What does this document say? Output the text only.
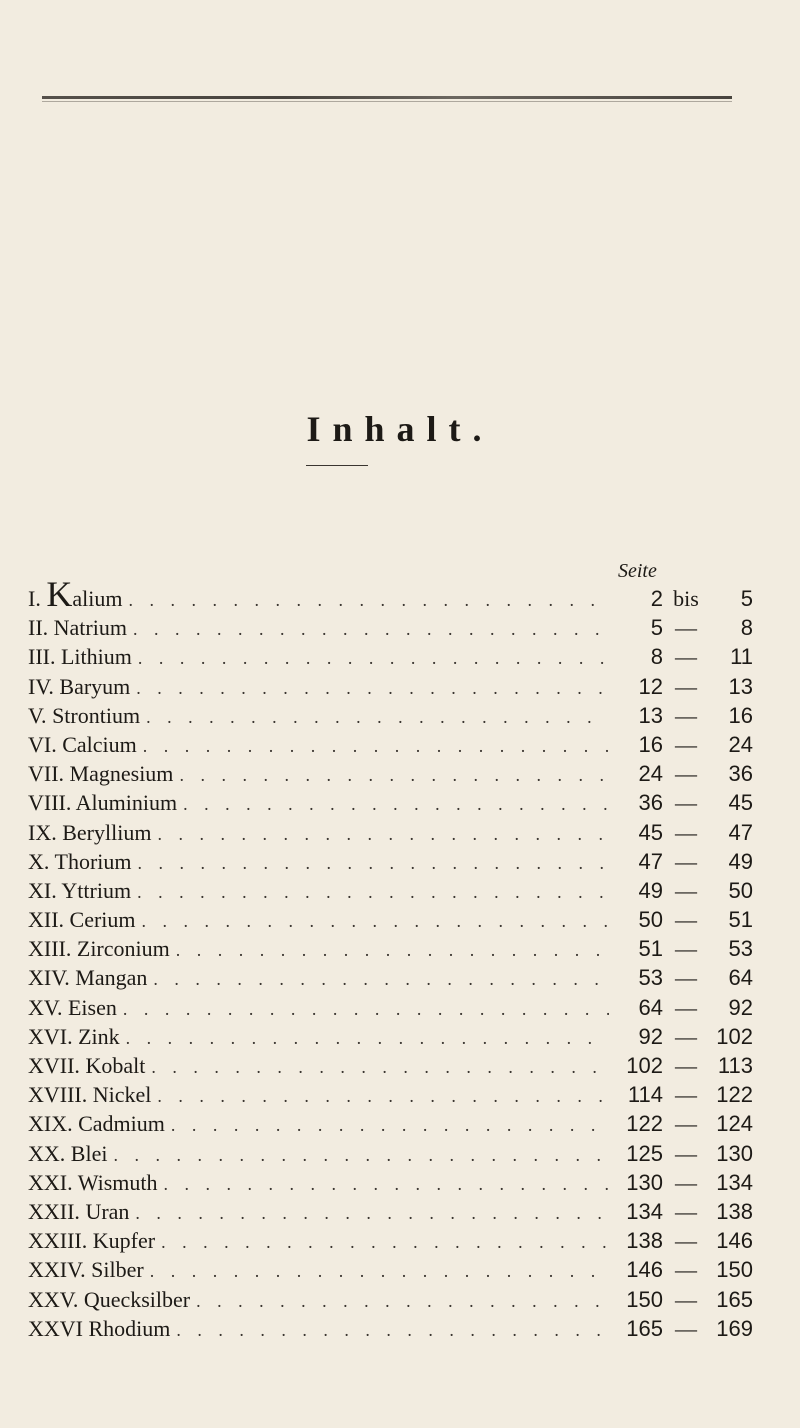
Inhalt.
Seite
I. Kalium . . .	2 bis	5
II. Natrium . . .	5 —	8
III. Lithium . . .	8 —	11
IV. Barуum . . .	12 —	13
V. Strontium . . .	13 —	16
VI. Calcium . . .	16 —	24
VII. Magnesium . . .	24 —	36
VIII. Aluminium . . .	36 —	45
IX. Beryllium . . .	45 —	47
X. Thorium . . .	47 —	49
XI. Yttrium . . .	49 —	50
XII. Cerium . . .	50 —	51
XIII. Zirconium . . .	51 —	53
XIV. Mangan . . .	53 —	64
XV. Eisen . . .	64 —	92
XVI. Zink . . .	92 — 102
XVII. Kobalt . . .	102 — 113
XVIII. Nickel . . .	114 — 122
XIX. Cadmium . . .	122 — 124
XX. Blei . . .	125 — 130
XXI. Wismuth . . .	130 — 134
XXII. Uran . . .	134 — 138
XXIII. Kupfer . . .	138 — 146
XXIV. Silber . . .	146 — 150
XXV. Quecksilber . . .	150 — 165
XXVI Rhodium . . .	165 — 169
